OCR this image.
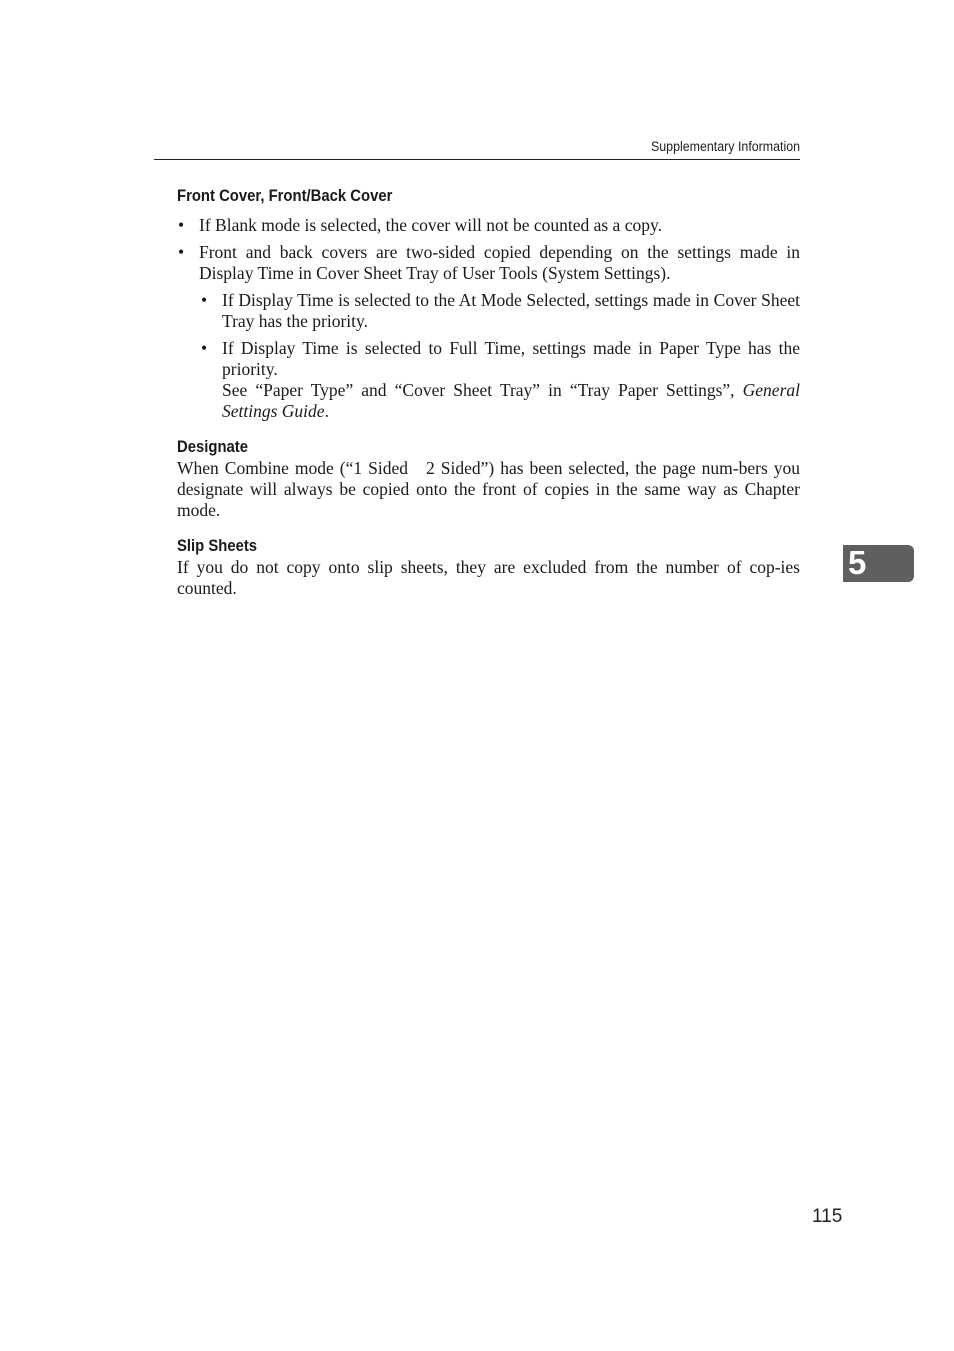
Supplementary Information
Front Cover, Front/Back Cover
• If Blank mode is selected, the cover will not be counted as a copy.
• Front and back covers are two-sided copied depending on the settings made in Display Time in Cover Sheet Tray of User Tools (System Settings).
• If Display Time is selected to the At Mode Selected, settings made in Cover Sheet Tray has the priority.
• If Display Time is selected to Full Time, settings made in Paper Type has the priority.
See “Paper Type” and “Cover Sheet Tray” in “Tray Paper Settings”, General Settings Guide.
Designate

When Combine mode (“1 Sided 2 Sided”) has been selected, the page num-bers you designate will always be copied onto the front of copies in the same way as Chapter mode.

Slip Sheets

If you do not copy onto slip sheets, they are excluded from the number of cop-ies counted.

5
115
